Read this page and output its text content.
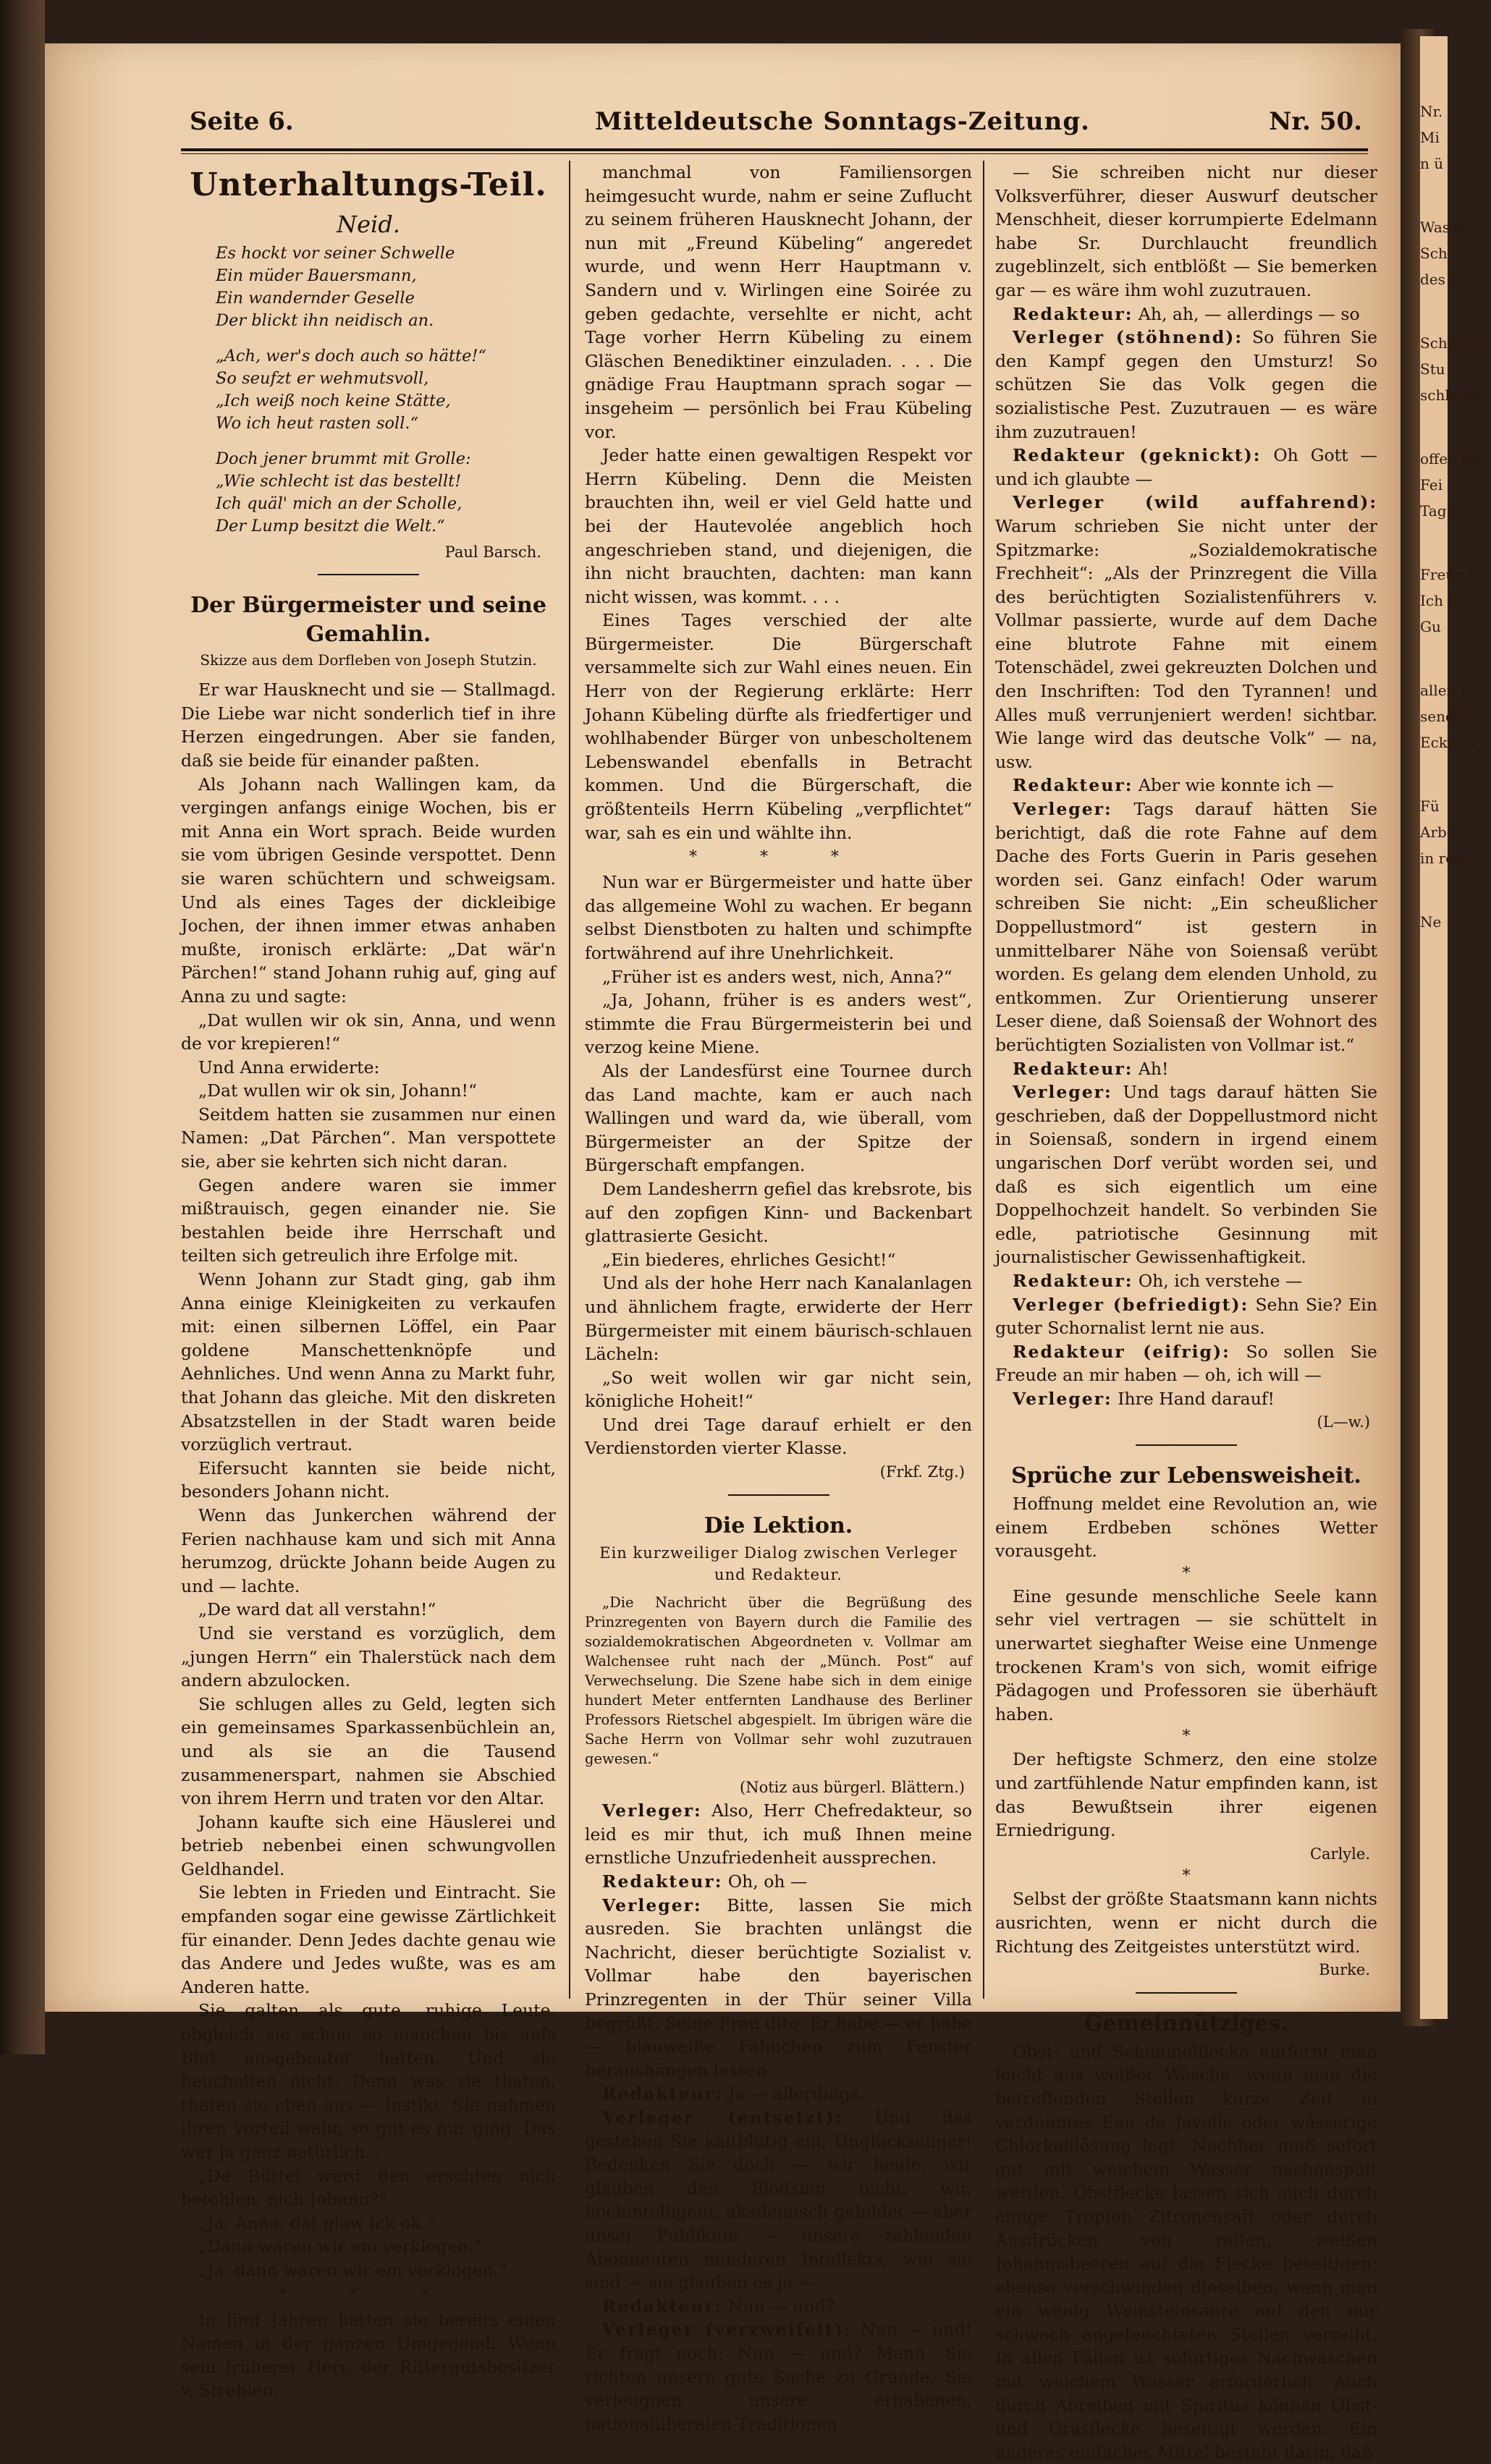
Nr.
Mi
n ü
Wasse
Sch
des K
Schwieg
Stu
schlafen
offen fin
Fei
Tag sch
Freundlic
Ich die
Gu
allen K
sendend
Ecke“ a
Fü
Arbe
in reich
Ne
Seite 6.	Mitteldeutsche Sonntags-Zeitung.	Nr. 50.
Unterhaltungs-Teil.
Neid.
Es hockt vor seiner Schwelle
Ein müder Bauersmann,
Ein wandernder Geselle
Der blickt ihn neidisch an.
„Ach, wer's doch auch so hätte!“
So seufzt er wehmutsvoll,
„Ich weiß noch keine Stätte,
Wo ich heut rasten soll.“
Doch jener brummt mit Grolle:
„Wie schlecht ist das bestellt!
Ich quäl' mich an der Scholle,
Der Lump besitzt die Welt.“
Paul Barsch.
Der Bürgermeister und seine Gemahlin.
Skizze aus dem Dorfleben von Joseph Stutzin.

Er war Hausknecht und sie — Stallmagd. Die Liebe war nicht sonderlich tief in ihre Herzen eingedrungen. Aber sie fanden, daß sie beide für einander paßten.

Als Johann nach Wallingen kam, da vergingen anfangs einige Wochen, bis er mit Anna ein Wort sprach. Beide wurden sie vom übrigen Gesinde verspottet. Denn sie waren schüchtern und schweigsam. Und als eines Tages der dickleibige Jochen, der ihnen immer etwas anhaben mußte, ironisch erklärte: „Dat wär'n Pärchen!“ stand Johann ruhig auf, ging auf Anna zu und sagte:

„Dat wullen wir ok sin, Anna, und wenn de vor krepieren!“

Und Anna erwiderte:

„Dat wullen wir ok sin, Johann!“

Seitdem hatten sie zusammen nur einen Namen: „Dat Pärchen“. Man verspottete sie, aber sie kehrten sich nicht daran.

Gegen andere waren sie immer mißtrauisch, gegen einander nie. Sie bestahlen beide ihre Herrschaft und teilten sich getreulich ihre Erfolge mit.

Wenn Johann zur Stadt ging, gab ihm Anna einige Kleinigkeiten zu verkaufen mit: einen silbernen Löffel, ein Paar goldene Manschettenknöpfe und Aehnliches. Und wenn Anna zu Markt fuhr, that Johann das gleiche. Mit den diskreten Absatzstellen in der Stadt waren beide vorzüglich vertraut.

Eifersucht kannten sie beide nicht, besonders Johann nicht.

Wenn das Junkerchen während der Ferien nachhause kam und sich mit Anna herumzog, drückte Johann beide Augen zu und — lachte.

„De ward dat all verstahn!“

Und sie verstand es vorzüglich, dem „jungen Herrn“ ein Thalerstück nach dem andern abzulocken.

Sie schlugen alles zu Geld, legten sich ein gemeinsames Sparkassenbüchlein an, und als sie an die Tausend zusammenerspart, nahmen sie Abschied von ihrem Herrn und traten vor den Altar.

Johann kaufte sich eine Häuslerei und betrieb nebenbei einen schwungvollen Geldhandel.

Sie lebten in Frieden und Eintracht. Sie empfanden sogar eine gewisse Zärtlichkeit für einander. Denn Jedes dachte genau wie das Andere und Jedes wußte, was es am Anderen hatte.

Sie galten als gute, ruhige Leute, obgleich sie schon so manchen bis aufs Blut ausgebeutet hatten. Und sie heuchelten nicht. Denn was sie thaten, thaten sie eben aus — Instikt. Sie nahmen ihren Vorteil wahr, so gut es nur ging. Das war ja ganz natürlich. . . .

„De Büttel ward den erschten nich betohlen, nich Johann?“

„Ja, Anna, dat glaw ick ok.“

„Dann waren wir em verklogen.“

„Ja, dann waren wir em verklogen.“

* * *

In fünf Jahren hatten sie bereits einen Namen in der ganzen Umgegend. Wenn sein früherer Herr, der Rittergutsbesitzer v. Strehlen,

manchmal von Familiensorgen heimgesucht wurde, nahm er seine Zuflucht zu seinem früheren Hausknecht Johann, der nun mit „Freund Kübeling“ angeredet wurde, und wenn Herr Hauptmann v. Sandern und v. Wirlingen eine Soirée zu geben gedachte, versehlte er nicht, acht Tage vorher Herrn Kübeling zu einem Gläschen Benediktiner einzuladen. . . . Die gnädige Frau Hauptmann sprach sogar — insgeheim — persönlich bei Frau Kübeling vor.

Jeder hatte einen gewaltigen Respekt vor Herrn Kübeling. Denn die Meisten brauchten ihn, weil er viel Geld hatte und bei der Hautevolée angeblich hoch angeschrieben stand, und diejenigen, die ihn nicht brauchten, dachten: man kann nicht wissen, was kommt. . . .

Eines Tages verschied der alte Bürgermeister. Die Bürgerschaft versammelte sich zur Wahl eines neuen. Ein Herr von der Regierung erklärte: Herr Johann Kübeling dürfte als friedfertiger und wohlhabender Bürger von unbescholtenem Lebenswandel ebenfalls in Betracht kommen. Und die Bürgerschaft, die größtenteils Herrn Kübeling „verpflichtet“ war, sah es ein und wählte ihn.

* * *

Nun war er Bürgermeister und hatte über das allgemeine Wohl zu wachen. Er begann selbst Dienstboten zu halten und schimpfte fortwährend auf ihre Unehrlichkeit.

„Früher ist es anders west, nich, Anna?“

„Ja, Johann, früher is es anders west“, stimmte die Frau Bürgermeisterin bei und verzog keine Miene.

Als der Landesfürst eine Tournee durch das Land machte, kam er auch nach Wallingen und ward da, wie überall, vom Bürgermeister an der Spitze der Bürgerschaft empfangen.

Dem Landesherrn gefiel das krebsrote, bis auf den zopfigen Kinn- und Backenbart glattrasierte Gesicht.

„Ein biederes, ehrliches Gesicht!“

Und als der hohe Herr nach Kanalanlagen und ähnlichem fragte, erwiderte der Herr Bürgermeister mit einem bäurisch-schlauen Lächeln:

„So weit wollen wir gar nicht sein, königliche Hoheit!“

Und drei Tage darauf erhielt er den Verdienstorden vierter Klasse.

(Frkf. Ztg.)
Die Lektion.
Ein kurzweiliger Dialog zwischen Verleger und Redakteur.
„Die Nachricht über die Begrüßung des Prinzregenten von Bayern durch die Familie des sozialdemokratischen Abgeordneten v. Vollmar am Walchensee ruht nach der „Münch. Post“ auf Verwechselung. Die Szene habe sich in dem einige hundert Meter entfernten Landhause des Berliner Professors Rietschel abgespielt. Im übrigen wäre die Sache Herrn von Vollmar sehr wohl zuzutrauen gewesen.“
(Notiz aus bürgerl. Blättern.)

Verleger: Also, Herr Chefredakteur, so leid es mir thut, ich muß Ihnen meine ernstliche Unzufriedenheit aussprechen.

Redakteur: Oh, oh —

Verleger: Bitte, lassen Sie mich ausreden. Sie brachten unlängst die Nachricht, dieser berüchtigte Sozialist v. Vollmar habe den bayerischen Prinzregenten in der Thür seiner Villa begrüßt. Seine Frau dito. Er habe — er habe — blauweiße Fähnchen zum Fenster heraushängen lassen.

Redakteur: Ja — allerdings.

Verleger (entsetzt): Und das gestehen Sie kaltblütig ein, Unglückseliger! Bedenken Sie doch — wir beide, wir glauben den Blödsinn nicht, wir, hochintelligent, akademisch gebildet — aber unser Publikum — unsere zahlenden Abonnenten minderen Intellekts, wie sie sind — sie glauben es ja —

Redakteur: Nun — und?

Verleger (verzweifelt): Nun — und! Er fragt noch: Nun — und? Mann, Sie richten unsere gute Sache zu Grunde, Sie verleugnen unsere erhabenen, nationalliberalen Traditionen

— Sie schreiben nicht nur dieser Volksverführer, dieser Auswurf deutscher Menschheit, dieser korrumpierte Edelmann habe Sr. Durchlaucht freundlich zugeblinzelt, sich entblößt — Sie bemerken gar — es wäre ihm wohl zuzutrauen.

Redakteur: Ah, ah, — allerdings — so

Verleger (stöhnend): So führen Sie den Kampf gegen den Umsturz! So schützen Sie das Volk gegen die sozialistische Pest. Zuzutrauen — es wäre ihm zuzutrauen!

Redakteur (geknickt): Oh Gott — und ich glaubte —

Verleger (wild auffahrend): Warum schrieben Sie nicht unter der Spitzmarke: „Sozialdemokratische Frechheit“: „Als der Prinzregent die Villa des berüchtigten Sozialistenführers v. Vollmar passierte, wurde auf dem Dache eine blutrote Fahne mit einem Totenschädel, zwei gekreuzten Dolchen und den Inschriften: Tod den Tyrannen! und Alles muß verrunjeniert werden! sichtbar. Wie lange wird das deutsche Volk“ — na, usw.

Redakteur: Aber wie konnte ich —

Verleger: Tags darauf hätten Sie berichtigt, daß die rote Fahne auf dem Dache des Forts Guerin in Paris gesehen worden sei. Ganz einfach! Oder warum schreiben Sie nicht: „Ein scheußlicher Doppellustmord“ ist gestern in unmittelbarer Nähe von Soiensaß verübt worden. Es gelang dem elenden Unhold, zu entkommen. Zur Orientierung unserer Leser diene, daß Soiensaß der Wohnort des berüchtigten Sozialisten von Vollmar ist.“

Redakteur: Ah!

Verleger: Und tags darauf hätten Sie geschrieben, daß der Doppellustmord nicht in Soiensaß, sondern in irgend einem ungarischen Dorf verübt worden sei, und daß es sich eigentlich um eine Doppelhochzeit handelt. So verbinden Sie edle, patriotische Gesinnung mit journalistischer Gewissenhaftigkeit.

Redakteur: Oh, ich verstehe —

Verleger (befriedigt): Sehn Sie? Ein guter Schornalist lernt nie aus.

Redakteur (eifrig): So sollen Sie Freude an mir haben — oh, ich will —

Verleger: Ihre Hand darauf!

(L—w.)
Sprüche zur Lebensweisheit.

Hoffnung meldet eine Revolution an, wie einem Erdbeben schönes Wetter vorausgeht.

*

Eine gesunde menschliche Seele kann sehr viel vertragen — sie schüttelt in unerwartet sieghafter Weise eine Unmenge trockenen Kram's von sich, womit eifrige Pädagogen und Professoren sie überhäuft haben.

*

Der heftigste Schmerz, den eine stolze und zartfühlende Natur empfinden kann, ist das Bewußtsein ihrer eigenen Erniedrigung.

Carlyle.
*

Selbst der größte Staatsmann kann nichts ausrichten, wenn er nicht durch die Richtung des Zeitgeistes unterstützt wird.

Burke.
Gemeinnütziges.

Obst- und Schimmelflecke entfernt man leicht aus weißer Wäsche, wenn man die betreffenden Stellen kurze Zeit in verdünntes Eau de Javelle oder wässerige Chlorkalilösung legt. Nachher muß sofort gut mit weichem Wasser nachgespült werden. Obstflecke lassen sich auch durch einige Tropfen Zitronensaft oder durch Ausdrücken von reifen, weißen Johannisbeeren auf die Flecke beseitigen; ebenso verschwinden dieselben, wenn man ein wenig Weinsteinsäure auf den nur schwach angefeuchteten Stellen verreibt. In allen Fällen ist sofortiges Nachwaschen mit weichem Wasser erforderlich. Auch durch Abreiben mit Spiritus können Obst- und Grasflecke beseitigt werden. Ein anderes einfaches Mittel besteht darin, daß
